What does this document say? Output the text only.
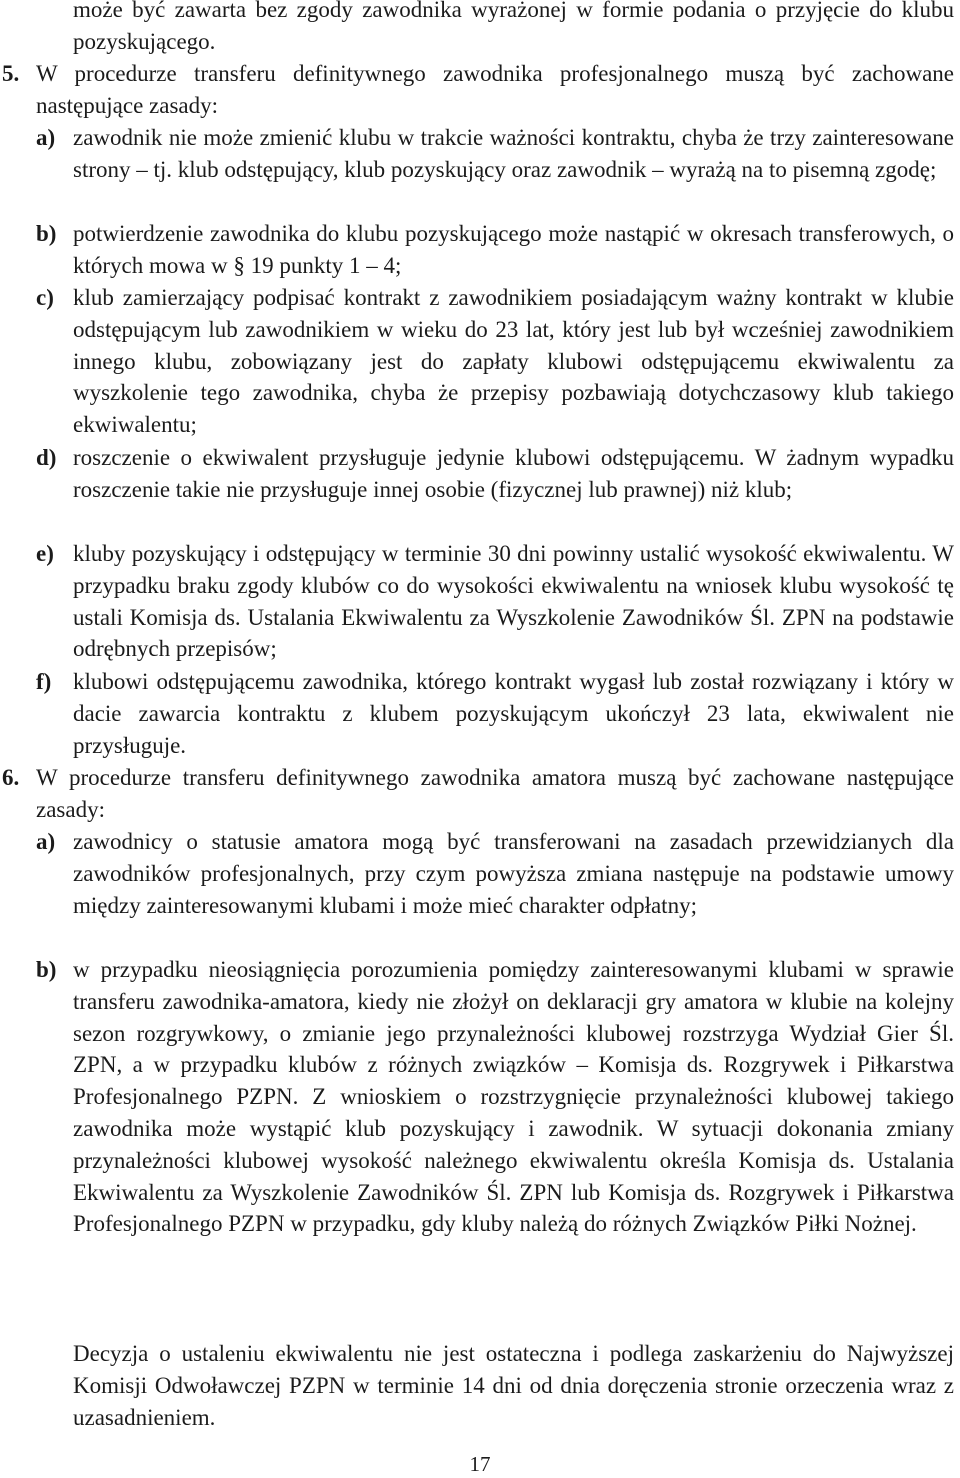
może być zawarta bez zgody zawodnika wyrażonej w formie podania o przyjęcie do klubu pozyskującego.
5. W procedurze transferu definitywnego zawodnika profesjonalnego muszą być zachowane następujące zasady:
a) zawodnik nie może zmienić klubu w trakcie ważności kontraktu, chyba że trzy zainteresowane strony – tj. klub odstępujący, klub pozyskujący oraz zawodnik – wyrażą na to pisemną zgodę;
b) potwierdzenie zawodnika do klubu pozyskującego może nastąpić w okresach transferowych, o których mowa w § 19 punkty 1 – 4;
c) klub zamierzający podpisać kontrakt z zawodnikiem posiadającym ważny kontrakt w klubie odstępującym lub zawodnikiem w wieku do 23 lat, który jest lub był wcześniej zawodnikiem innego klubu, zobowiązany jest do zapłaty klubowi odstępującemu ekwiwalentu za wyszkolenie tego zawodnika, chyba że przepisy pozbawiają dotychczasowy klub takiego ekwiwalentu;
d) roszczenie o ekwiwalent przysługuje jedynie klubowi odstępującemu. W żadnym wypadku roszczenie takie nie przysługuje innej osobie (fizycznej lub prawnej) niż klub;
e) kluby pozyskujący i odstępujący w terminie 30 dni powinny ustalić wysokość ekwiwalentu. W przypadku braku zgody klubów co do wysokości ekwiwalentu na wniosek klubu wysokość tę ustali Komisja ds. Ustalania Ekwiwalentu za Wyszkolenie Zawodników Śl. ZPN na podstawie odrębnych przepisów;
f) klubowi odstępującemu zawodnika, którego kontrakt wygasł lub został rozwiązany i który w dacie zawarcia kontraktu z klubem pozyskującym ukończył 23 lata, ekwiwalent nie przysługuje.
6. W procedurze transferu definitywnego zawodnika amatora muszą być zachowane następujące zasady:
a) zawodnicy o statusie amatora mogą być transferowani na zasadach przewidzianych dla zawodników profesjonalnych, przy czym powyższa zmiana następuje na podstawie umowy między zainteresowanymi klubami i może mieć charakter odpłatny;
b) w przypadku nieosiągnięcia porozumienia pomiędzy zainteresowanymi klubami w sprawie transferu zawodnika-amatora, kiedy nie złożył on deklaracji gry amatora w klubie na kolejny sezon rozgrywkowy, o zmianie jego przynależności klubowej rozstrzyga Wydział Gier Śl. ZPN, a w przypadku klubów z różnych związków – Komisja ds. Rozgrywek i Piłkarstwa Profesjonalnego PZPN. Z wnioskiem o rozstrzygnięcie przynależności klubowej takiego zawodnika może wystąpić klub pozyskujący i zawodnik. W sytuacji dokonania zmiany przynależności klubowej wysokość należnego ekwiwalentu określa Komisja ds. Ustalania Ekwiwalentu za Wyszkolenie Zawodników Śl. ZPN lub Komisja ds. Rozgrywek i Piłkarstwa Profesjonalnego PZPN w przypadku, gdy kluby należą do różnych Związków Piłki Nożnej.
Decyzja o ustaleniu ekwiwalentu nie jest ostateczna i podlega zaskarżeniu do Najwyższej Komisji Odwoławczej PZPN w terminie 14 dni od dnia doręczenia stronie orzeczenia wraz z uzasadnieniem.
17
